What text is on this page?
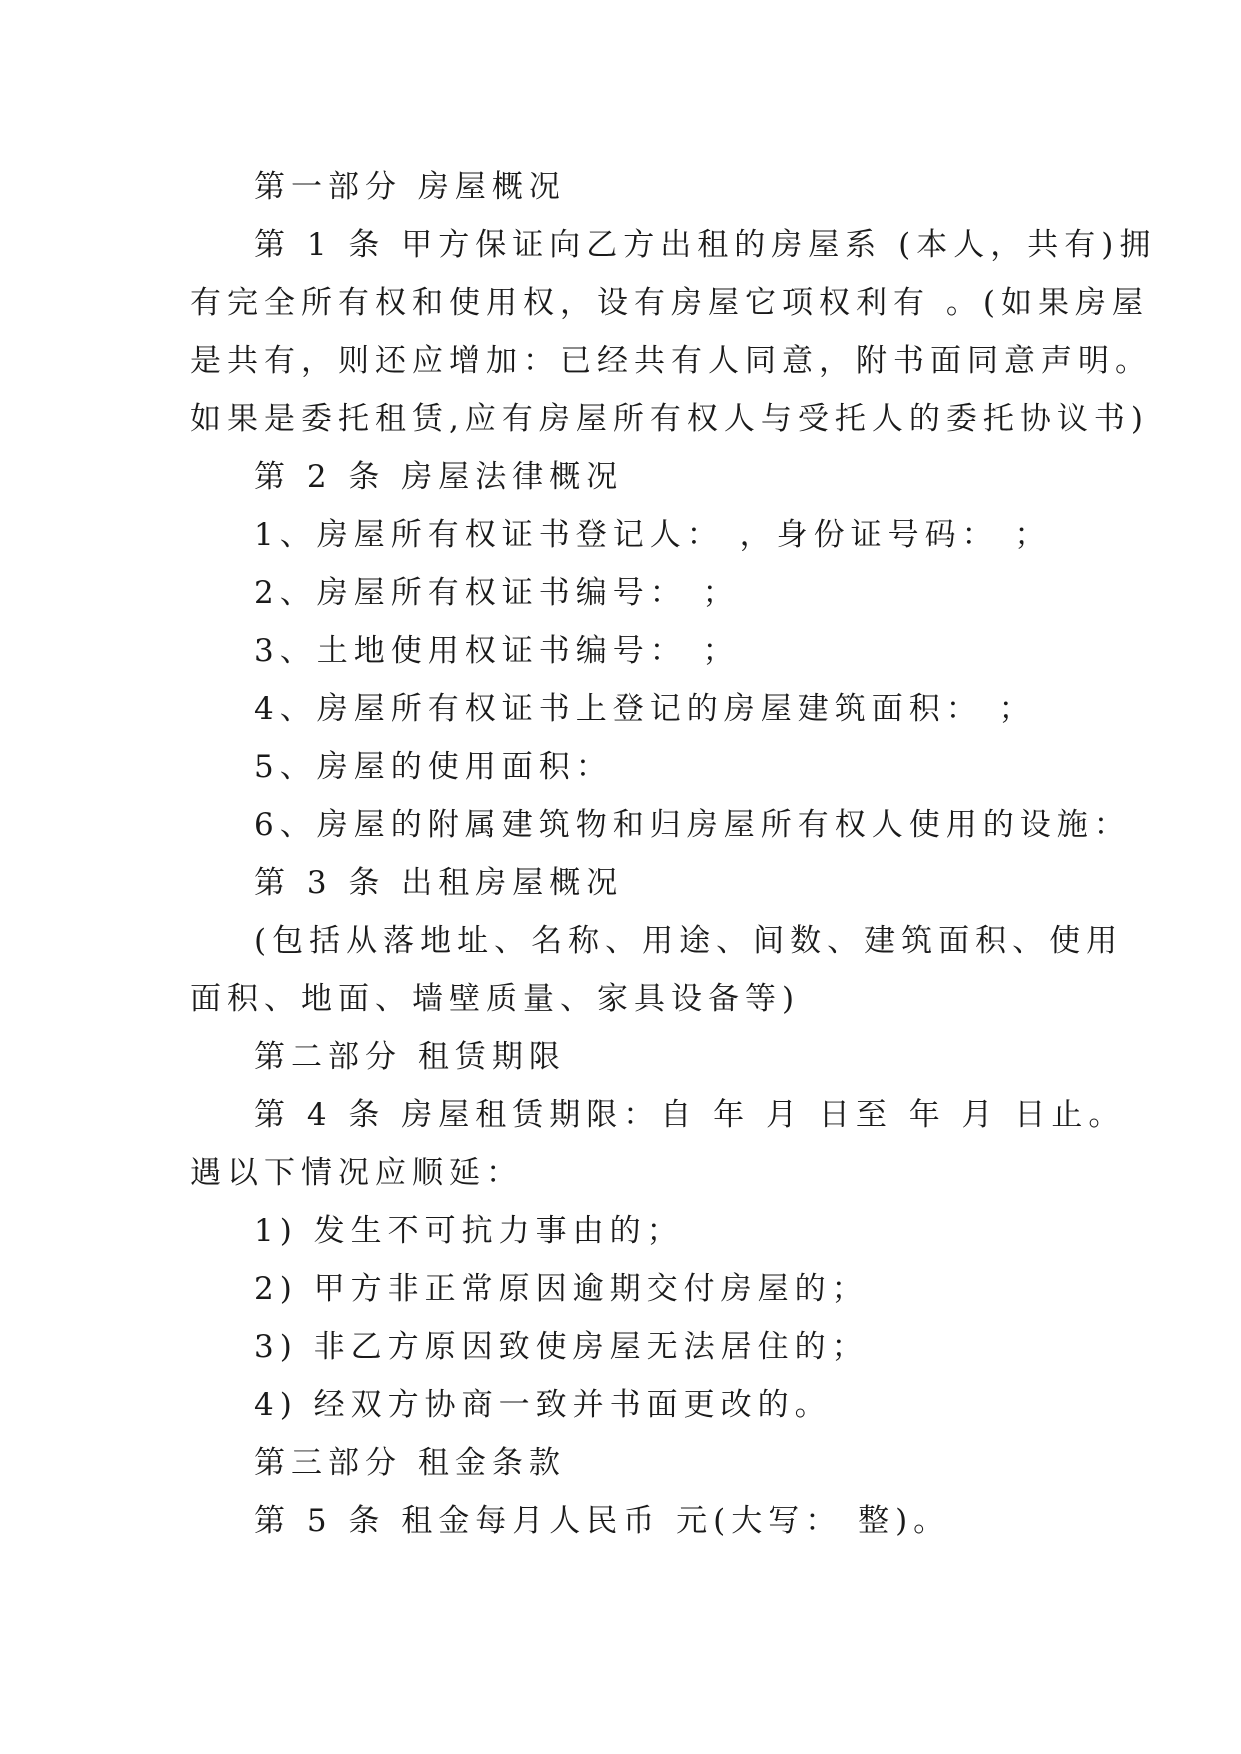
第一部分 房屋概况

第 1 条 甲方保证向乙方出租的房屋系 (本人，共有)拥

有完全所有权和使用权，设有房屋它项权利有 。(如果房屋

是共有，则还应增加：已经共有人同意，附书面同意声明。

如果是委托租赁,应有房屋所有权人与受托人的委托协议书)

第 2 条 房屋法律概况

1、房屋所有权证书登记人： ，身份证号码： ；

2、房屋所有权证书编号： ；

3、土地使用权证书编号： ；

4、房屋所有权证书上登记的房屋建筑面积： ；

5、房屋的使用面积：

6、房屋的附属建筑物和归房屋所有权人使用的设施：

第 3 条 出租房屋概况

(包括从落地址、名称、用途、间数、建筑面积、使用

面积、地面、墙壁质量、家具设备等)

第二部分 租赁期限

第 4 条 房屋租赁期限：自 年 月 日至 年 月 日止。

遇以下情况应顺延：

1) 发生不可抗力事由的；

2) 甲方非正常原因逾期交付房屋的；

3) 非乙方原因致使房屋无法居住的；

4) 经双方协商一致并书面更改的。

第三部分 租金条款

第 5 条 租金每月人民币 元(大写： 整)。
